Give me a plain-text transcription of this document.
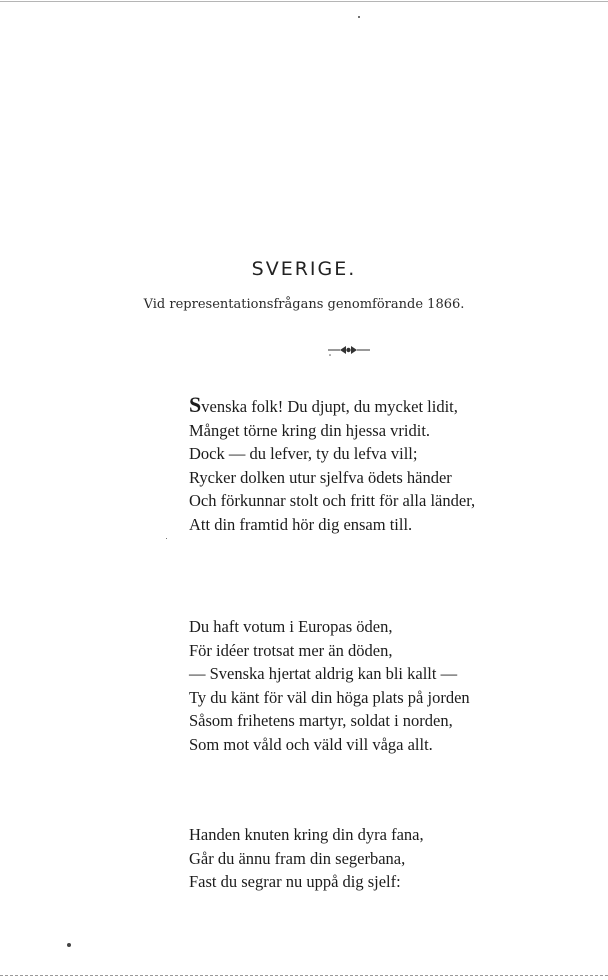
SVERIGE.
Vid representationsfrågans genomförande 1866.
Svenska folk! Du djupt, du mycket lidit,
Månget törne kring din hjessa vridit.
Dock — du lefver, ty du lefva vill;
Rycker dolken utur sjelfva ödets händer
Och förkunnar stolt och fritt för alla länder,
Att din framtid hör dig ensam till.
Du haft votum i Europas öden,
För idéer trotsat mer än döden,
— Svenska hjertat aldrig kan bli kallt —
Ty du känt för väl din höga plats på jorden
Såsom frihetens martyr, soldat i norden,
Som mot våld och väld vill våga allt.
Handen knuten kring din dyra fana,
Går du ännu fram din segerbana,
Fast du segrar nu uppå dig sjelf:
